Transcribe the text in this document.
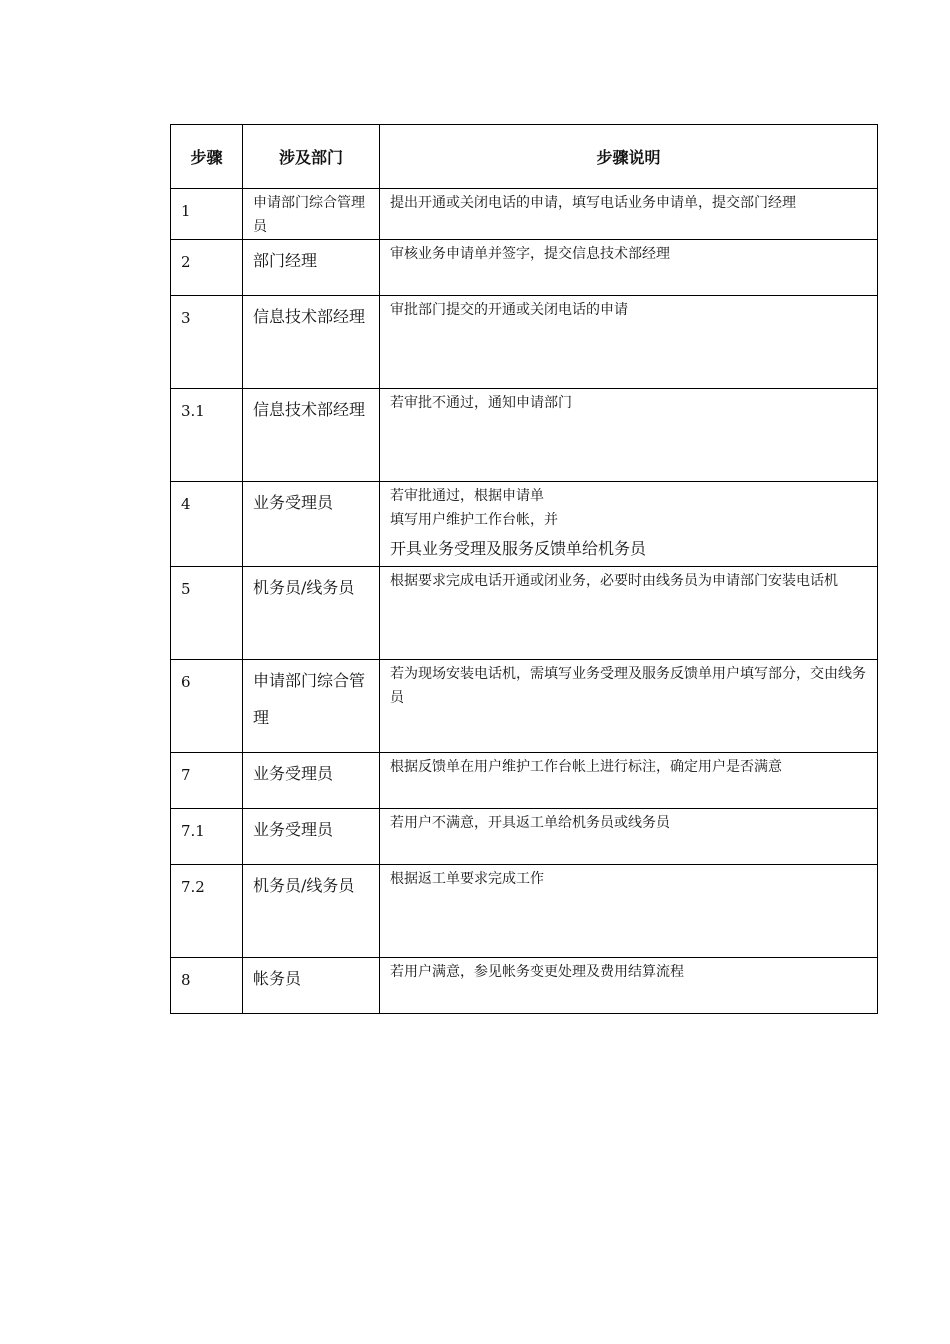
步骤	涉及部门	步骤说明
1	申请部门综合管理员	提出开通或关闭电话的申请，填写电话业务申请单，提交部门经理
2	部门经理	审核业务申请单并签字，提交信息技术部经理
3	信息技术部经理	审批部门提交的开通或关闭电话的申请
3.1	信息技术部经理	若审批不通过，通知申请部门
4	业务受理员	若审批通过，根据申请单
填写用户维护工作台帐，并
开具业务受理及服务反馈单给机务员

5	机务员/线务员	根据要求完成电话开通或闭业务，必要时由线务员为申请部门安装电话机
6	申请部门综合管理	若为现场安装电话机，需填写业务受理及服务反馈单用户填写部分，交由线务员
7	业务受理员	根据反馈单在用户维护工作台帐上进行标注，确定用户是否满意
7.1	业务受理员	若用户不满意，开具返工单给机务员或线务员
7.2	机务员/线务员	根据返工单要求完成工作
8	帐务员	若用户满意，参见帐务变更处理及费用结算流程
